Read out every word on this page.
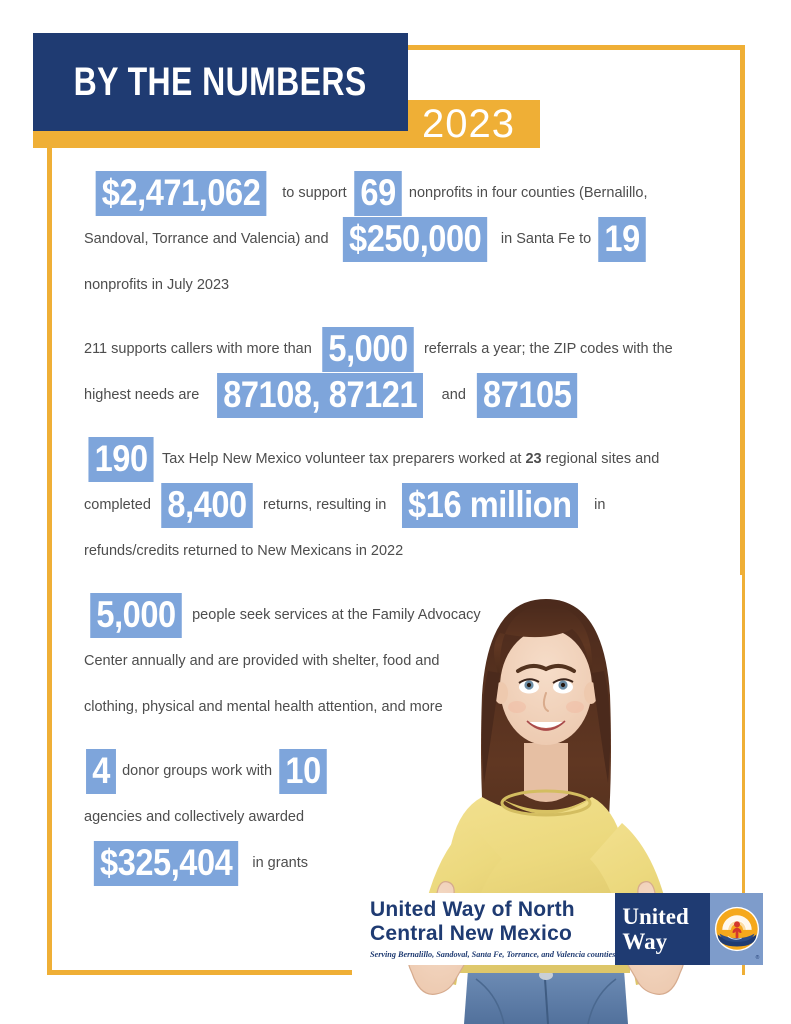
2023
BY THE NUMBERS

$2,471,062 to support 69 nonprofits in four counties (Bernalillo, Sandoval, Torrance and Valencia) and $250,000 in Santa Fe to 19 nonprofits in July 2023

211 supports callers with more than 5,000 referrals a year; the ZIP codes with the highest needs are 87108, 87121 and 87105

190 Tax Help New Mexico volunteer tax preparers worked at 23 regional sites and completed 8,400 returns, resulting in $16 million in refunds/credits returned to New Mexicans in 2022

5,000 people seek services at the Family Advocacy Center annually and are provided with shelter, food and clothing, physical and mental health attention, and more

4 donor groups work with 10 agencies and collectively awarded $325,404 in grants

United Way of North
Central New Mexico
Serving Bernalillo, Sandoval, Santa Fe, Torrance, and Valencia counties
United
Way
®
